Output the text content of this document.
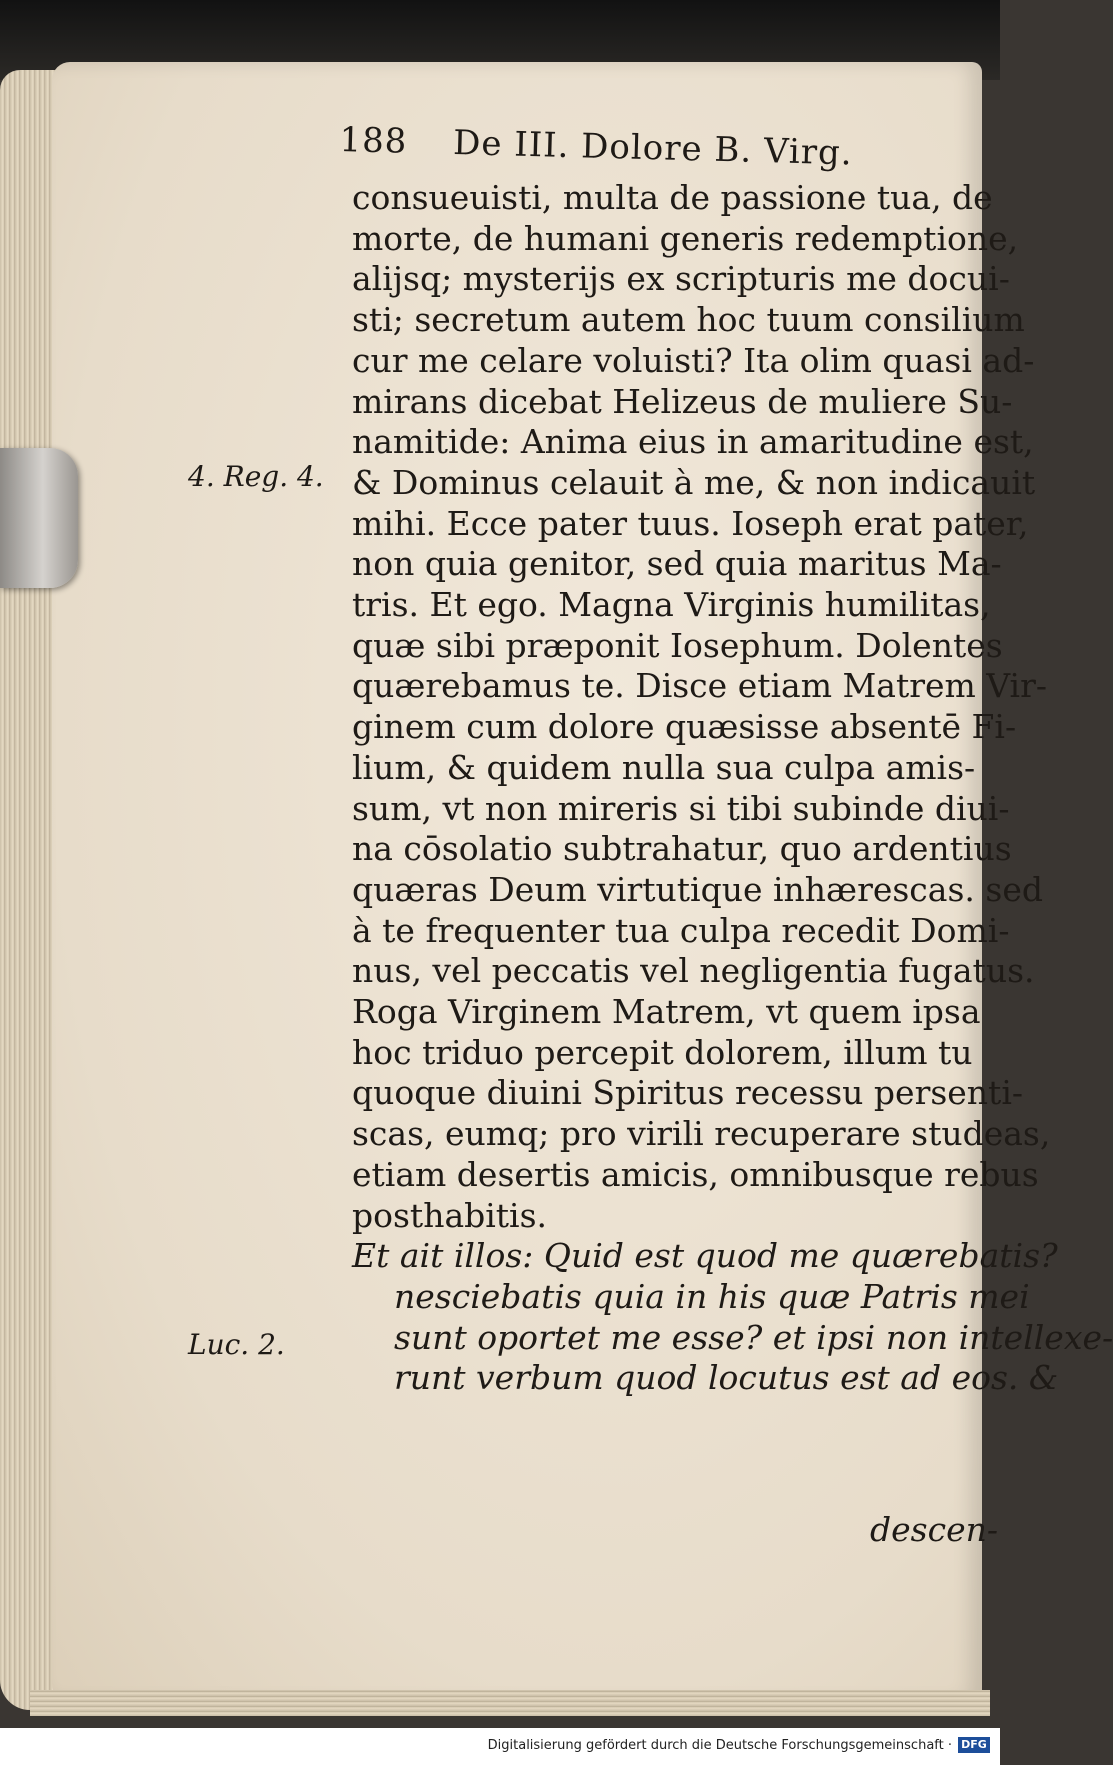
188 De III. Dolore B. Virg.
4. Reg. 4.
Luc. 2.
consueuisti, multa de passione tua, de
morte, de humani generis redemptione,
alijsq; mysterijs ex scripturis me docui-
sti; secretum autem hoc tuum consilium
cur me celare voluisti? Ita olim quasi ad-
mirans dicebat Helizeus de muliere Su-
namitide: Anima eius in amaritudine est,
& Dominus celauit à me, & non indicauit
mihi. Ecce pater tuus. Ioseph erat pater,
non quia genitor, sed quia maritus Ma-
tris. Et ego. Magna Virginis humilitas,
quæ sibi præponit Iosephum. Dolentes
quærebamus te. Disce etiam Matrem Vir-
ginem cum dolore quæsisse absentē Fi-
lium, & quidem nulla sua culpa amis-
sum, vt non mireris si tibi subinde diui-
na cōsolatio subtrahatur, quo ardentius
quæras Deum virtutique inhærescas. sed
à te frequenter tua culpa recedit Domi-
nus, vel peccatis vel negligentia fugatus.
Roga Virginem Matrem, vt quem ipsa
hoc triduo percepit dolorem, illum tu
quoque diuini Spiritus recessu persenti-
scas, eumq; pro virili recuperare studeas,
etiam desertis amicis, omnibusque rebus
posthabitis.
Et ait illos: Quid est quod me quærebatis?
nesciebatis quia in his quæ Patris mei
sunt oportet me esse? et ipsi non intellexe-
runt verbum quod locutus est ad eos. &
descen-
Digitalisierung gefördert durch die Deutsche Forschungsgemeinschaft · DFG
